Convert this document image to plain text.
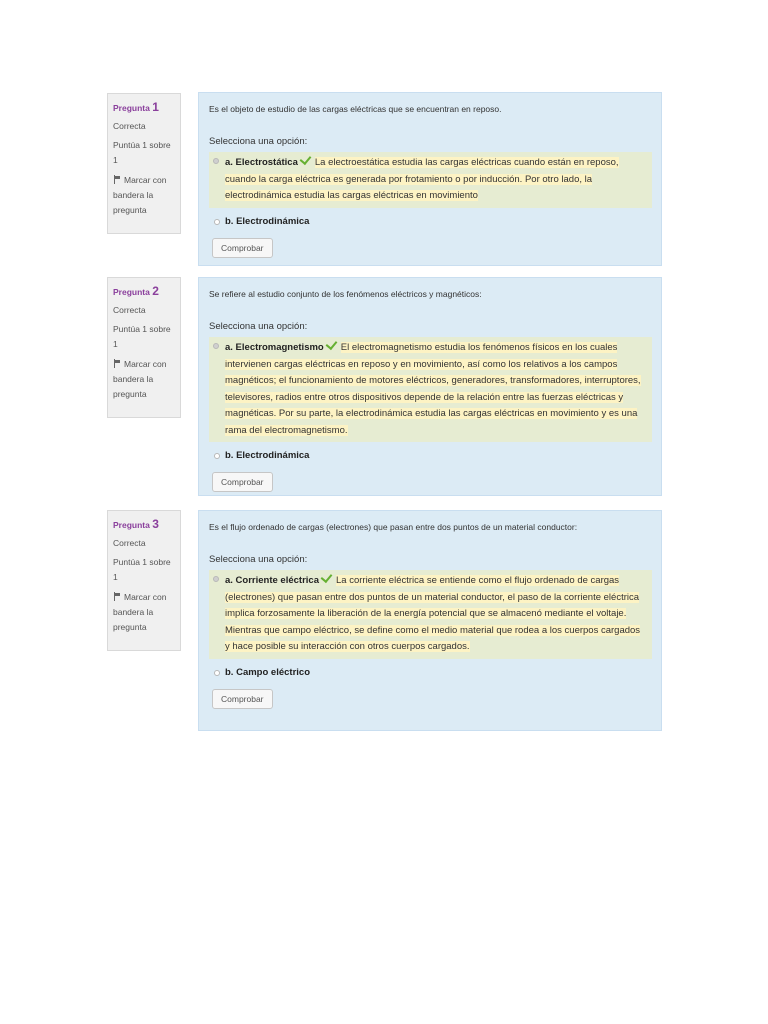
Pregunta 1
Correcta
Puntúa 1 sobre 1
Marcar con bandera la pregunta
Es el objeto de estudio de las cargas eléctricas que se encuentran en reposo.
Selecciona una opción:
a. Electrostática La electroestática estudia las cargas eléctricas cuando están en reposo, cuando la carga eléctrica es generada por frotamiento o por inducción. Por otro lado, la electrodinámica estudia las cargas eléctricas en movimiento
b. Electrodinámica
Comprobar
Pregunta 2
Correcta
Puntúa 1 sobre 1
Marcar con bandera la pregunta
Se refiere al estudio conjunto de los fenómenos eléctricos y magnéticos:
Selecciona una opción:
a. Electromagnetismo El electromagnetismo estudia los fenómenos físicos en los cuales intervienen cargas eléctricas en reposo y en movimiento, así como los relativos a los campos magnéticos; el funcionamiento de motores eléctricos, generadores, transformadores, interruptores, televisores, radios entre otros dispositivos depende de la relación entre las fuerzas eléctricas y magnéticas. Por su parte, la electrodinámica estudia las cargas eléctricas en movimiento y es una rama del electromagnetismo.
b. Electrodinámica
Comprobar
Pregunta 3
Correcta
Puntúa 1 sobre 1
Marcar con bandera la pregunta
Es el flujo ordenado de cargas (electrones) que pasan entre dos puntos de un material conductor:
Selecciona una opción:
a. Corriente eléctrica La corriente eléctrica se entiende como el flujo ordenado de cargas (electrones) que pasan entre dos puntos de un material conductor, el paso de la corriente eléctrica implica forzosamente la liberación de la energía potencial que se almacenó mediante el voltaje. Mientras que campo eléctrico, se define como el medio material que rodea a los cuerpos cargados y hace posible su interacción con otros cuerpos cargados.
b. Campo eléctrico
Comprobar
